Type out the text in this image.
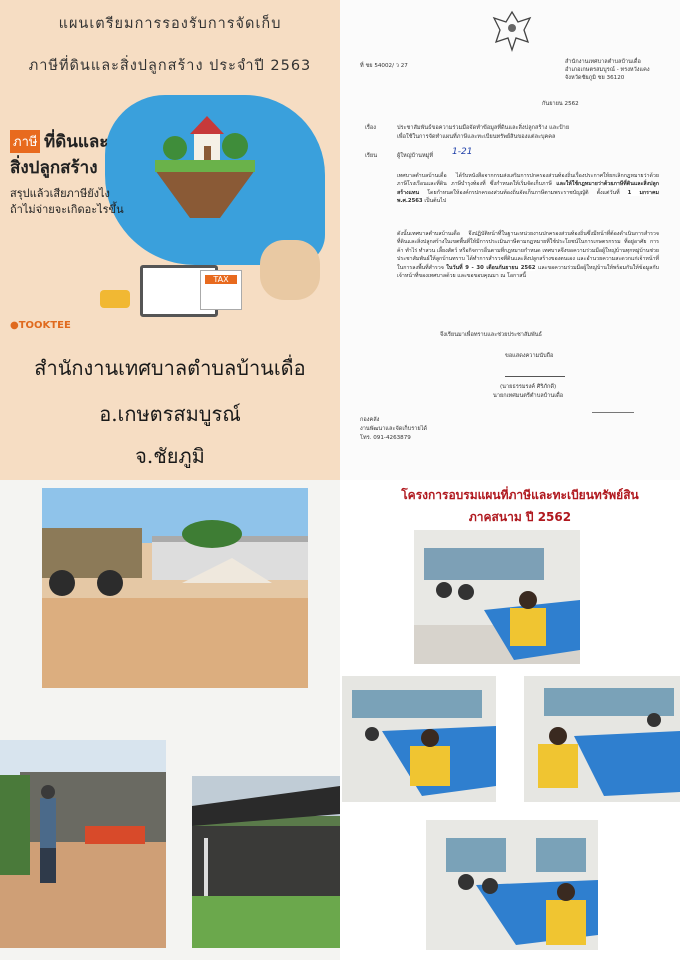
แผนเตรียมการรองรับการจัดเก็บ
ภาษีที่ดินและสิ่งปลูกสร้าง ประจำปี 2563
ภาษี ที่ดินและ
สิ่งปลูกสร้าง
สรุปแล้วเสียภาษียังไง
ถ้าไม่จ่ายจะเกิดอะไรขึ้น
TAX
●TOOKTEE
สำนักงานเทศบาลตำบลบ้านเดื่อ
อ.เกษตรสมบูรณ์
จ.ชัยภูมิ
ที่ ชย 54002/ ว 27
สำนักงานเทศบาลตำบลบ้านเดื่อ
อำเภอเกษตรสมบูรณ์ - ทรงหวังแคง
จังหวัดชัยภูมิ ชย 36120
กันยายน 2562
เรื่อง	ประชาสัมพันธ์ขอความร่วมมือจัดทำข้อมูลที่ดินและสิ่งปลูกสร้าง และป้าย
เพื่อใช้ในการจัดทำแผนที่ภาษีและทะเบียนทรัพย์สินของแต่ละบุคคล
เรียน	ผู้ใหญ่บ้านหมู่ที่ 1-21
เทศบาลตำบลบ้านเดื่อ ได้รับหนังสือจากกรมส่งเสริมการปกครองส่วนท้องถิ่นเรื่องประกาศให้ยกเลิกกฎหมายว่าด้วยภาษีโรงเรือนและที่ดิน ภาษีบำรุงท้องที่ ซึ่งกำหนดให้เริ่มจัดเก็บภาษี และให้ใช้กฎหมายว่าด้วยภาษีที่ดินและสิ่งปลูกสร้างแทน โดยกำหนดให้องค์กรปกครองส่วนท้องถิ่นจัดเก็บภาษีตามพระราชบัญญัติ ตั้งแต่วันที่ 1 มกราคม พ.ศ.2563 เป็นต้นไป
ดังนั้นเทศบาลตำบลบ้านเดื่อ จึงปฏิบัติหน้าที่ในฐานะหน่วยงานปกครองส่วนท้องถิ่นซึ่งมีหน้าที่ต้องดำเนินการสำรวจที่ดินและสิ่งปลูกสร้างในเขตพื้นที่ให้มีการประเมินภาษีตามกฎหมายที่ใช้ประโยชน์ในการเกษตรกรรม ที่อยู่อาศัย การค้า ทำไร่ ทำสวน เลี้ยงสัตว์ หรือกิจการอื่นตามที่กฎหมายกำหนด เทศบาลจึงขอความร่วมมือผู้ใหญ่บ้านทุกหมู่บ้านช่วยประชาสัมพันธ์ให้ลูกบ้านทราบ ได้ทำการสำรวจที่ดินและสิ่งปลูกสร้างของตนเอง และอำนวยความสะดวกแก่เจ้าหน้าที่ในการลงพื้นที่สำรวจ ในวันที่ 9 - 30 เดือนกันยายน 2562 และขอความร่วมมือผู้ใหญ่บ้านให้พร้อมกันให้ข้อมูลกับเจ้าหน้าที่ของเทศบาลด้วย และขอขอบคุณมา ณ โอกาสนี้
จึงเรียนมาเพื่อทราบและช่วยประชาสัมพันธ์
ขอแสดงความนับถือ
(นายธรรมรงค์ ศิริภักดี)
นายกเทศมนตรีตำบลบ้านเดื่อ
กองคลัง
งานพัฒนาและจัดเก็บรายได้
โทร. 091-4263879
โครงการอบรมแผนที่ภาษีและทะเบียนทรัพย์สิน
ภาคสนาม ปี 2562
